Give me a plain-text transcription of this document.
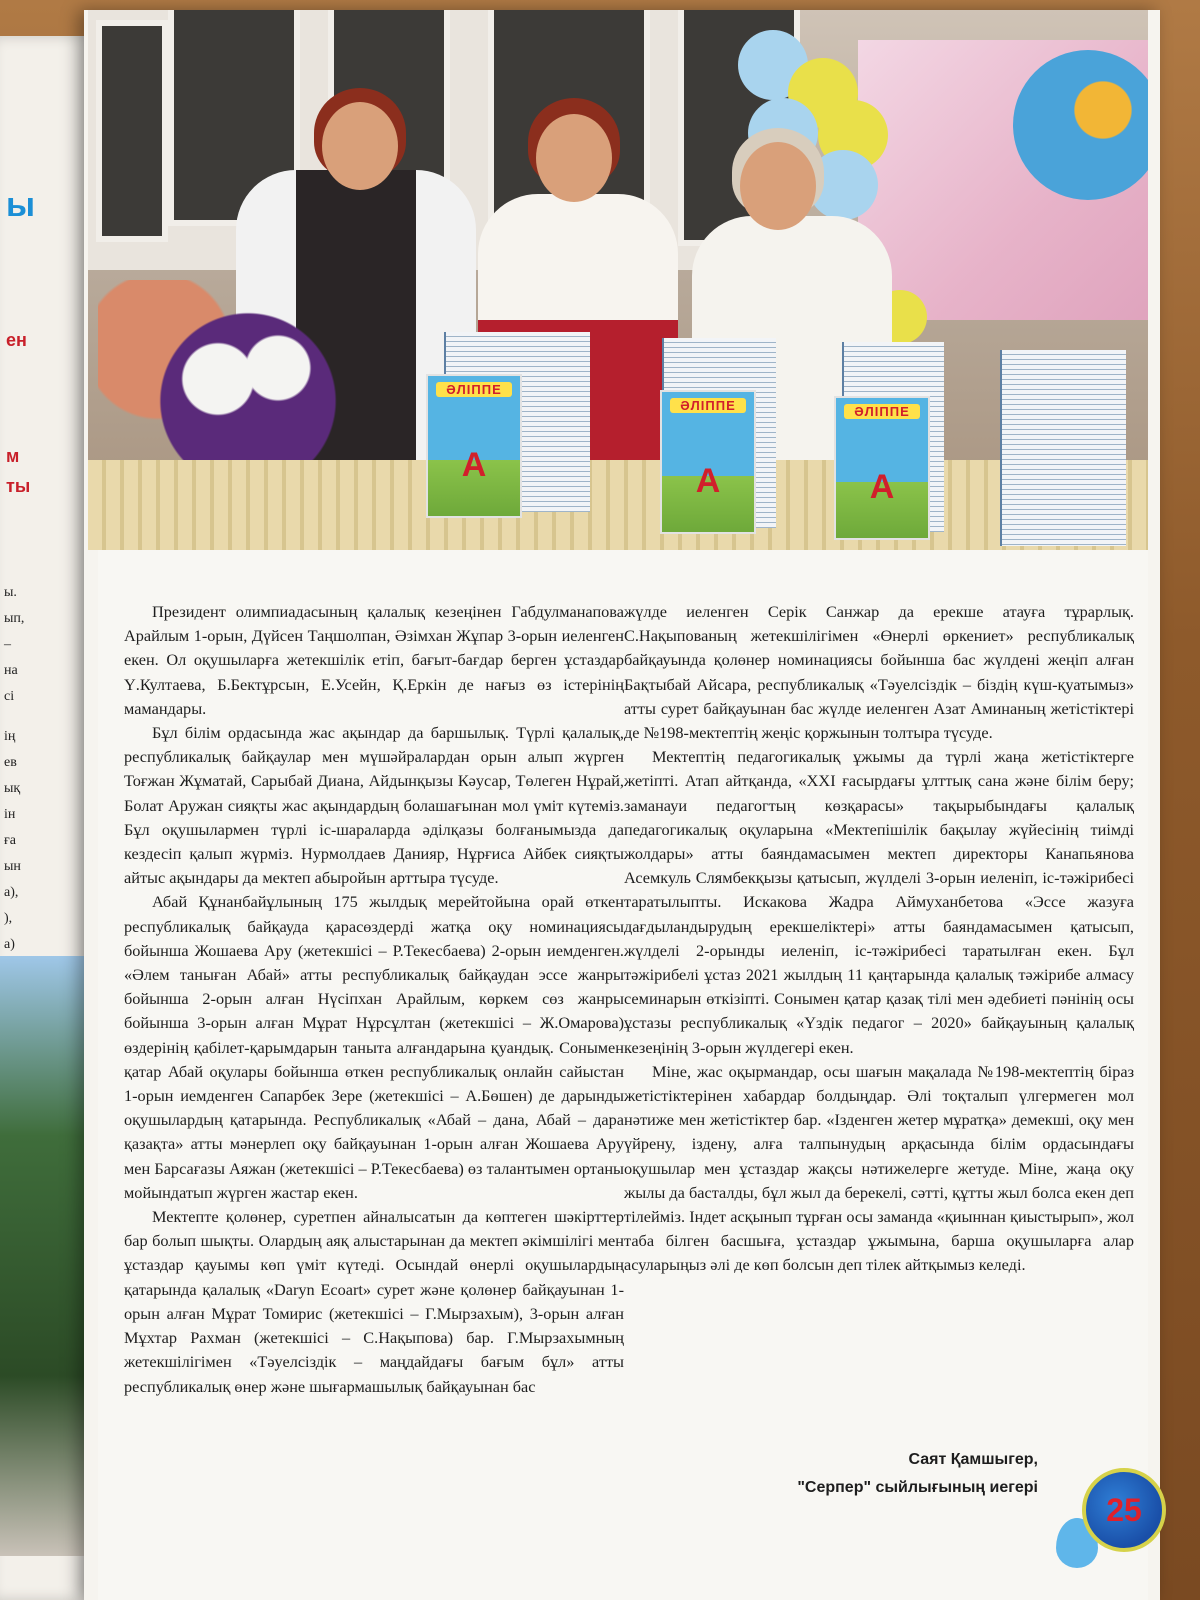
ы
ен
м
ты
ы.
ып,
–
на
сі
ің
ев
ық
ін
ға
ын
а),
),
а)
ӘЛІППЕ
А
ӘЛІППЕ
А
ӘЛІППЕ
А

Президент олимпиадасының қалалық кезеңінен Габдулманапова Арайлым 1-орын, Дүйсен Таңшолпан, Әзімхан Жұпар 3-орын иеленген екен. Ол оқушыларға жетекшілік етіп, бағыт-бағдар берген ұстаздар Ү.Култаева, Б.Бектұрсын, Е.Усейн, Қ.Еркін де нағыз өз істерінің мамандары.

Бұл білім ордасында жас ақындар да баршылық. Түрлі қалалық, республикалық байқаулар мен мүшәйралардан орын алып жүрген Тоғжан Жұматай, Сарыбай Диана, Айдынқызы Кәусар, Төлеген Нұрай, Болат Аружан сияқты жас ақындардың болашағынан мол үміт күтеміз. Бұл оқушылармен түрлі іс-шараларда әділқазы болғанымызда да кездесіп қалып жүрміз. Нурмолдаев Данияр, Нұрғиса Айбек сияқты айтыс ақындары да мектеп абыройын арттыра түсуде.

Абай Құнанбайұлының 175 жылдық мерейтойына орай өткен республикалық байқауда қарасөздерді жатқа оқу номинациясы бойынша Жошаева Ару (жетекшісі – Р.Текесбаева) 2-орын иемденген. «Әлем таныған Абай» атты республикалық байқаудан эссе жанры бойынша 2-орын алған Нүсіпхан Арайлым, көркем сөз жанры бойынша 3-орын алған Мұрат Нұрсұлтан (жетекшісі – Ж.Омарова) өздерінің қабілет-қарымдарын таныта алғандарына қуандық. Сонымен қатар Абай оқулары бойынша өткен республикалық онлайн сайыстан 1-орын иемденген Сапарбек Зере (жетекшісі – А.Бөшен) де дарынды оқушылардың қатарында. Республикалық «Абай – дана, Абай – дара қазақта» атты мәнерлеп оқу байқауынан 1-орын алған Жошаева Ару мен Барсағазы Аяжан (жетекшісі – Р.Текесбаева) өз талантымен ортаны мойындатып жүрген жастар екен.

Мектепте қолөнер, суретпен айналысатын да көптеген шәкірттер бар болып шықты. Олардың аяқ алыстарынан да мектеп әкімшілігі мен ұстаздар қауымы көп үміт күтеді. Осындай өнерлі оқушылардың қатарында қалалық «Daryn Ecoart» сурет және қолөнер байқауынан 1-орын алған Мұрат Томирис (жетекшісі – Г.Мырзахым), 3-орын алған Мұхтар Рахман (жетекшісі – С.Нақыпова) бар. Г.Мырзахымның жетекшілігімен «Тәуелсіздік – маңдайдағы бағым бұл» атты республикалық өнер және шығармашылық байқауынан бас

жүлде иеленген Серік Санжар да ерекше атауға тұрарлық. С.Нақыпованың жетекшілігімен «Өнерлі өркениет» республикалық байқауында қолөнер номинациясы бойынша бас жүлдені жеңіп алған Бақтыбай Айсара, республикалық «Тәуелсіздік – біздің күш-қуатымыз» атты сурет байқауынан бас жүлде иеленген Азат Аминаның жетістіктері де №198-мектептің жеңіс қоржынын толтыра түсуде.

Мектептің педагогикалық ұжымы да түрлі жаңа жетістіктерге жетіпті. Атап айтқанда, «XXI ғасырдағы ұлттық сана және білім беру; заманауи педагогтың көзқарасы» тақырыбындағы қалалық педагогикалық оқуларына «Мектепішілік бақылау жүйесінің тиімді жолдары» атты баяндамасымен мектеп директоры Канапьянова Асемкуль Слямбекқызы қатысып, жүлделі 3-орын иеленіп, іс-тәжірибесі таратылыпты. Искакова Жадра Аймуханбетова «Эссе жазуға дағдыландырудың ерекшеліктері» атты баяндамасымен қатысып, жүлделі 2-орынды иеленіп, іс-тәжірибесі таратылған екен. Бұл тәжірибелі ұстаз 2021 жылдың 11 қаңтарында қалалық тәжірибе алмасу семинарын өткізіпті. Сонымен қатар қазақ тілі мен әдебиеті пәнінің осы ұстазы республикалық «Үздік педагог – 2020» байқауының қалалық кезеңінің 3-орын жүлдегері екен.

Міне, жас оқырмандар, осы шағын мақалада №198-мектептің біраз жетістіктерінен хабардар болдыңдар. Әлі тоқталып үлгермеген мол нәтиже мен жетістіктер бар. «Ізденген жетер мұратқа» демекші, оқу мен үйрену, іздену, алға талпынудың арқасында білім ордасындағы оқушылар мен ұстаздар жақсы нәтижелерге жетуде. Міне, жаңа оқу жылы да басталды, бұл жыл да берекелі, сәтті, құтты жыл болса екен деп тілейміз. Індет асқынып тұрған осы заманда «қиыннан қиыстырып», жол таба білген басшыға, ұстаздар ұжымына, барша оқушыларға алар асуларыңыз әлі де көп болсын деп тілек айтқымыз келеді.

Саят Қамшыгер,
"Серпер" сыйлығының иегері
25
